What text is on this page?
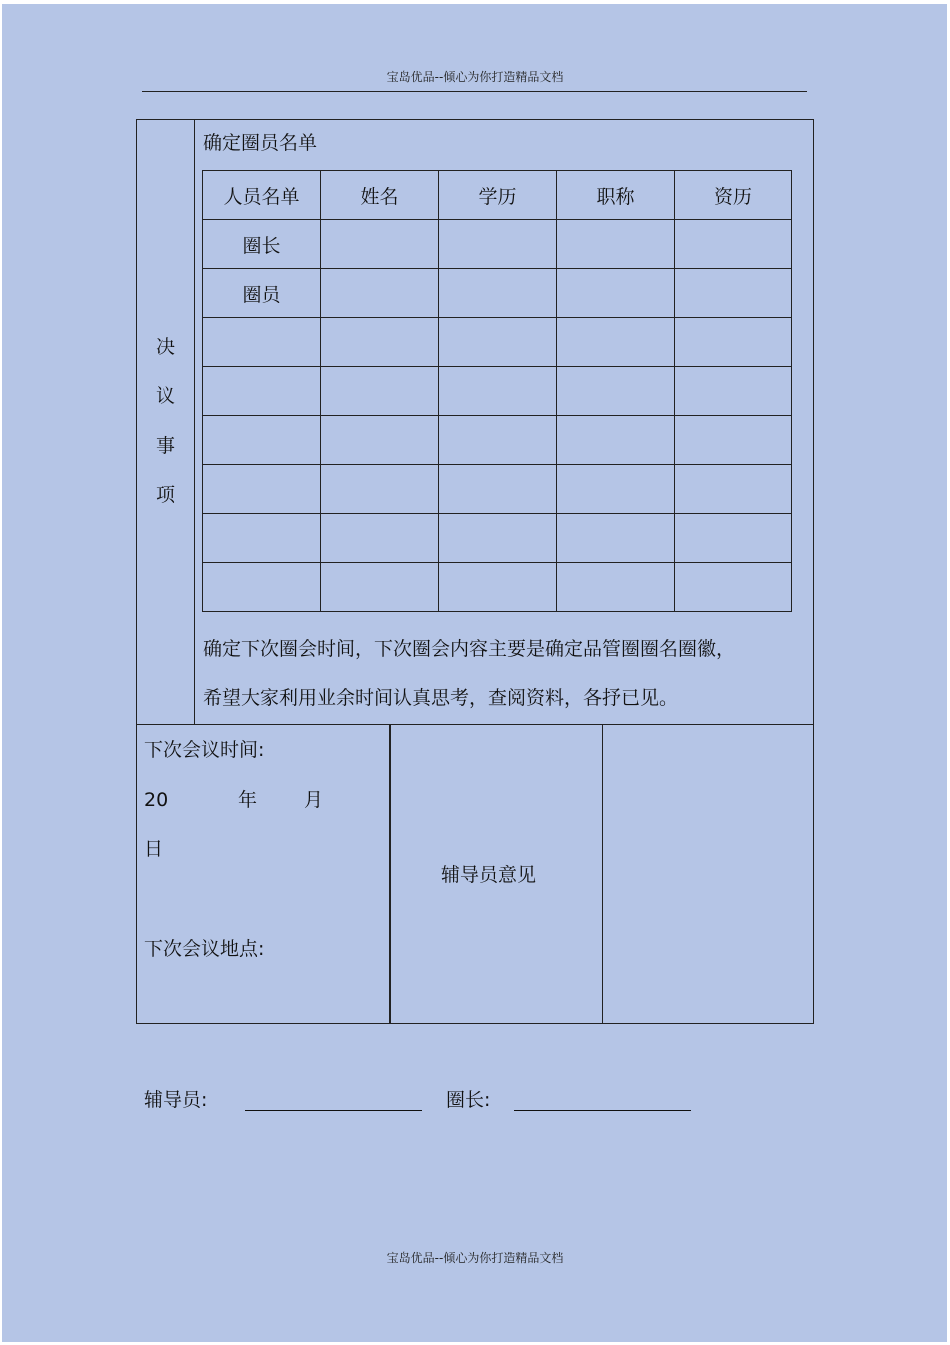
宝岛优品--倾心为你打造精品文档
决
议
事
项
确定圈员名单
人员名单	姓名	学历	职称	资历
圈长				
圈员				

确定下次圈会时间，下次圈会内容主要是确定品管圈圈名圈徽，
希望大家利用业余时间认真思考，查阅资料，各抒已见。
下次会议时间:
20	年 月
日
下次会议地点:
辅导员意见
辅导员:	圈长:
宝岛优品--倾心为你打造精品文档
